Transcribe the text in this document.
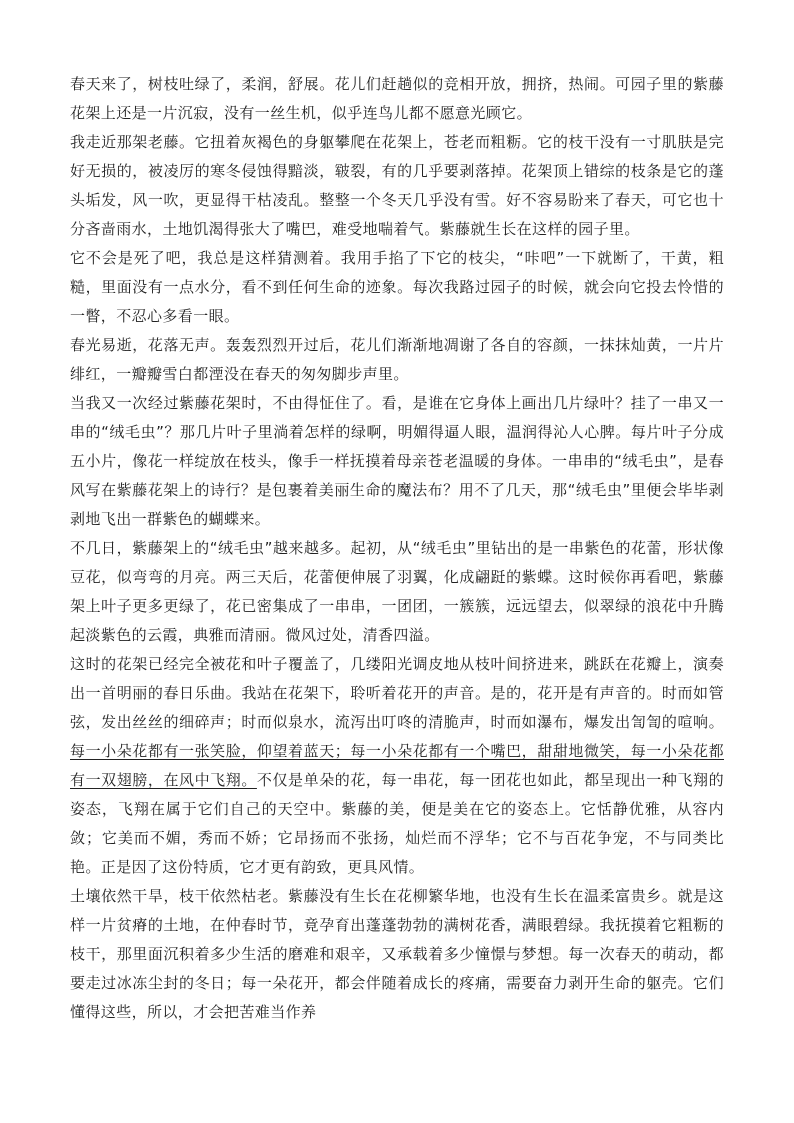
春天来了，树枝吐绿了，柔润，舒展。花儿们赶趟似的竞相开放，拥挤，热闹。可园子里的紫藤花架上还是一片沉寂，没有一丝生机，似乎连鸟儿都不愿意光顾它。

我走近那架老藤。它扭着灰褐色的身躯攀爬在花架上，苍老而粗粝。它的枝干没有一寸肌肤是完好无损的，被凌厉的寒冬侵蚀得黯淡，皲裂，有的几乎要剥落掉。花架顶上错综的枝条是它的蓬头垢发，风一吹，更显得干枯凌乱。整整一个冬天几乎没有雪。好不容易盼来了春天，可它也十分吝啬雨水，土地饥渴得张大了嘴巴，难受地喘着气。紫藤就生长在这样的园子里。

它不会是死了吧，我总是这样猜测着。我用手掐了下它的枝尖，“咔吧”一下就断了，干黄，粗糙，里面没有一点水分，看不到任何生命的迹象。每次我路过园子的时候，就会向它投去怜惜的一瞥，不忍心多看一眼。

春光易逝，花落无声。轰轰烈烈开过后，花儿们渐渐地凋谢了各自的容颜，一抹抹灿黄，一片片绯红，一瓣瓣雪白都湮没在春天的匆匆脚步声里。

当我又一次经过紫藤花架时，不由得怔住了。看，是谁在它身体上画出几片绿叶？挂了一串又一串的“绒毛虫”？那几片叶子里淌着怎样的绿啊，明媚得逼人眼，温润得沁人心脾。每片叶子分成五小片，像花一样绽放在枝头，像手一样抚摸着母亲苍老温暖的身体。一串串的“绒毛虫”，是春风写在紫藤花架上的诗行？是包裹着美丽生命的魔法布？用不了几天，那“绒毛虫”里便会毕毕剥剥地飞出一群紫色的蝴蝶来。

不几日，紫藤架上的“绒毛虫”越来越多。起初，从“绒毛虫”里钻出的是一串紫色的花蕾，形状像豆花，似弯弯的月亮。两三天后，花蕾便伸展了羽翼，化成翩跹的紫蝶。这时候你再看吧，紫藤架上叶子更多更绿了，花已密集成了一串串，一团团，一簇簇，远远望去，似翠绿的浪花中升腾起淡紫色的云霞，典雅而清丽。微风过处，清香四溢。

这时的花架已经完全被花和叶子覆盖了，几缕阳光调皮地从枝叶间挤进来，跳跃在花瓣上，演奏出一首明丽的春日乐曲。我站在花架下，聆听着花开的声音。是的，花开是有声音的。时而如管弦，发出丝丝的细碎声；时而似泉水，流泻出叮咚的清脆声，时而如瀑布，爆发出訇訇的喧响。每一小朵花都有一张笑脸，仰望着蓝天；每一小朵花都有一个嘴巴，甜甜地微笑，每一小朵花都有一双翅膀，在风中飞翔。不仅是单朵的花，每一串花，每一团花也如此，都呈现出一种飞翔的姿态，飞翔在属于它们自己的天空中。紫藤的美，便是美在它的姿态上。它恬静优雅，从容内敛；它美而不媚，秀而不娇；它昂扬而不张扬，灿烂而不浮华；它不与百花争宠，不与同类比艳。正是因了这份特质，它才更有韵致，更具风情。

土壤依然干旱，枝干依然枯老。紫藤没有生长在花柳繁华地，也没有生长在温柔富贵乡。就是这样一片贫瘠的土地，在仲春时节，竟孕育出蓬蓬勃勃的满树花香，满眼碧绿。我抚摸着它粗粝的枝干，那里面沉积着多少生活的磨难和艰辛，又承载着多少憧憬与梦想。每一次春天的萌动，都要走过冰冻尘封的冬日；每一朵花开，都会伴随着成长的疼痛，需要奋力剥开生命的躯壳。它们懂得这些，所以，才会把苦难当作养
